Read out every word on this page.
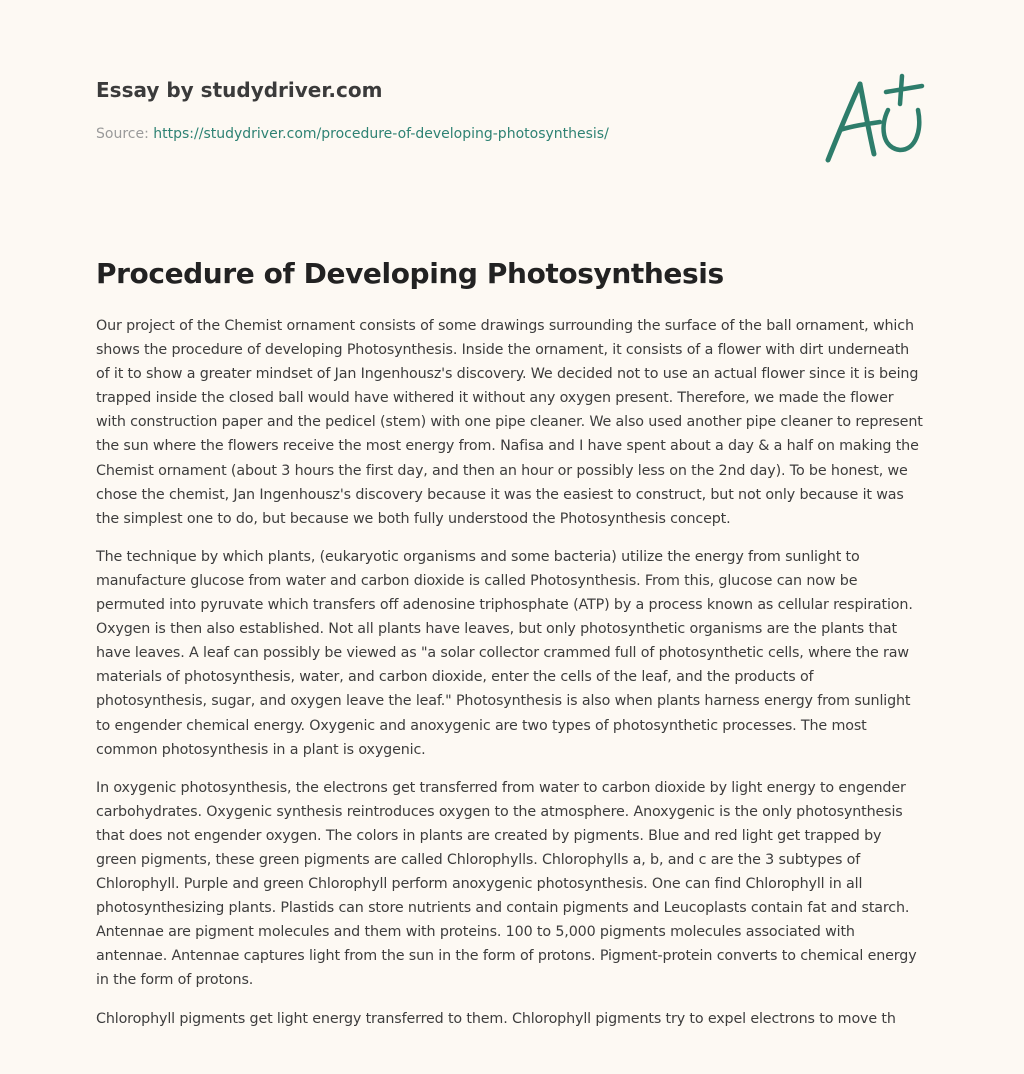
Essay by studydriver.com
Source: https://studydriver.com/procedure-of-developing-photosynthesis/
Procedure of Developing Photosynthesis

Our project of the Chemist ornament consists of some drawings surrounding the surface of the ball ornament, which shows the procedure of developing Photosynthesis. Inside the ornament, it consists of a flower with dirt underneath of it to show a greater mindset of Jan Ingenhousz's discovery. We decided not to use an actual flower since it is being trapped inside the closed ball would have withered it without any oxygen present. Therefore, we made the flower with construction paper and the pedicel (stem) with one pipe cleaner. We also used another pipe cleaner to represent the sun where the flowers receive the most energy from. Nafisa and I have spent about a day & a half on making the Chemist ornament (about 3 hours the first day, and then an hour or possibly less on the 2nd day). To be honest, we chose the chemist, Jan Ingenhousz's discovery because it was the easiest to construct, but not only because it was the simplest one to do, but because we both fully understood the Photosynthesis concept.

The technique by which plants, (eukaryotic organisms and some bacteria) utilize the energy from sunlight to manufacture glucose from water and carbon dioxide is called Photosynthesis. From this, glucose can now be permuted into pyruvate which transfers off adenosine triphosphate (ATP) by a process known as cellular respiration. Oxygen is then also established. Not all plants have leaves, but only photosynthetic organisms are the plants that have leaves. A leaf can possibly be viewed as "a solar collector crammed full of photosynthetic cells, where the raw materials of photosynthesis, water, and carbon dioxide, enter the cells of the leaf, and the products of photosynthesis, sugar, and oxygen leave the leaf." Photosynthesis is also when plants harness energy from sunlight to engender chemical energy. Oxygenic and anoxygenic are two types of photosynthetic processes. The most common photosynthesis in a plant is oxygenic.

In oxygenic photosynthesis, the electrons get transferred from water to carbon dioxide by light energy to engender carbohydrates. Oxygenic synthesis reintroduces oxygen to the atmosphere. Anoxygenic is the only photosynthesis that does not engender oxygen. The colors in plants are created by pigments. Blue and red light get trapped by green pigments, these green pigments are called Chlorophylls. Chlorophylls a, b, and c are the 3 subtypes of Chlorophyll. Purple and green Chlorophyll perform anoxygenic photosynthesis. One can find Chlorophyll in all photosynthesizing plants. Plastids can store nutrients and contain pigments and Leucoplasts contain fat and starch. Antennae are pigment molecules and them with proteins. 100 to 5,000 pigments molecules associated with antennae. Antennae captures light from the sun in the form of protons. Pigment-protein converts to chemical energy in the form of protons.

Chlorophyll pigments get light energy transferred to them. Chlorophyll pigments try to expel electrons to move th
